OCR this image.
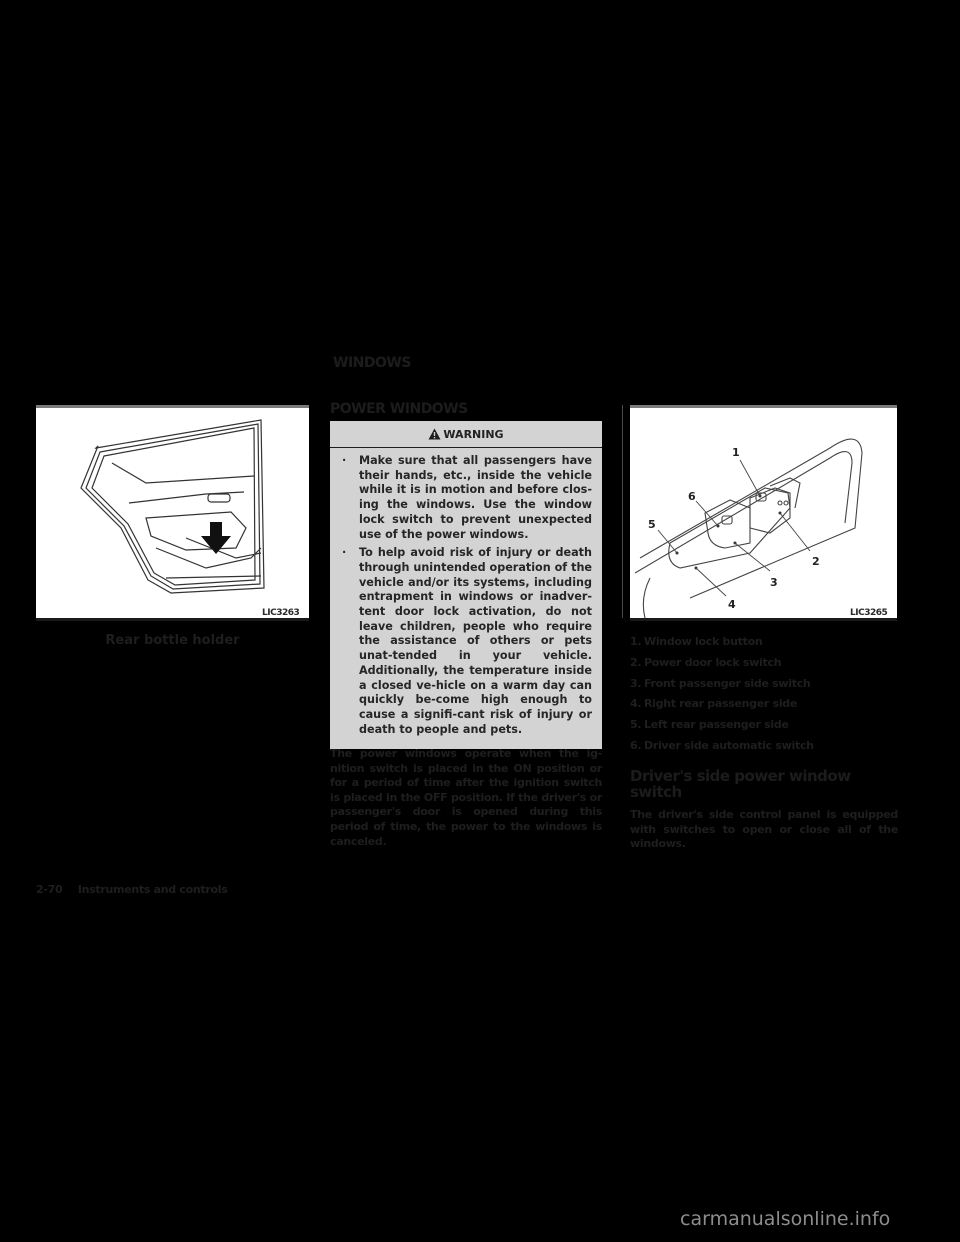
WINDOWS
LIC3263
Rear bottle holder
POWER WINDOWS
WARNING
· Make sure that all passengers have their hands, etc., inside the vehicle while it is in motion and before clos-ing the windows. Use the window lock switch to prevent unexpected use of the power windows.
· To help avoid risk of injury or death through unintended operation of the vehicle and/or its systems, including entrapment in windows or inadver-tent door lock activation, do not leave children, people who require the assistance of others or pets unat-tended in your vehicle. Additionally, the temperature inside a closed ve-hicle on a warm day can quickly be-come high enough to cause a signifi-cant risk of injury or death to people and pets.
The power windows operate when the ig-nition switch is placed in the ON position or for a period of time after the ignition switch is placed in the OFF position. If the driver's or passenger's door is opened during this period of time, the power to the windows is canceled.
1
2
3
4
5
6
LIC3265
1. Window lock button
2. Power door lock switch
3. Front passenger side switch
4. Right rear passenger side
5. Left rear passenger side
6. Driver side automatic switch
Driver's side power window switch
The driver's side control panel is equipped with switches to open or close all of the windows.
2-70 Instruments and controls
carmanualsonline.info
